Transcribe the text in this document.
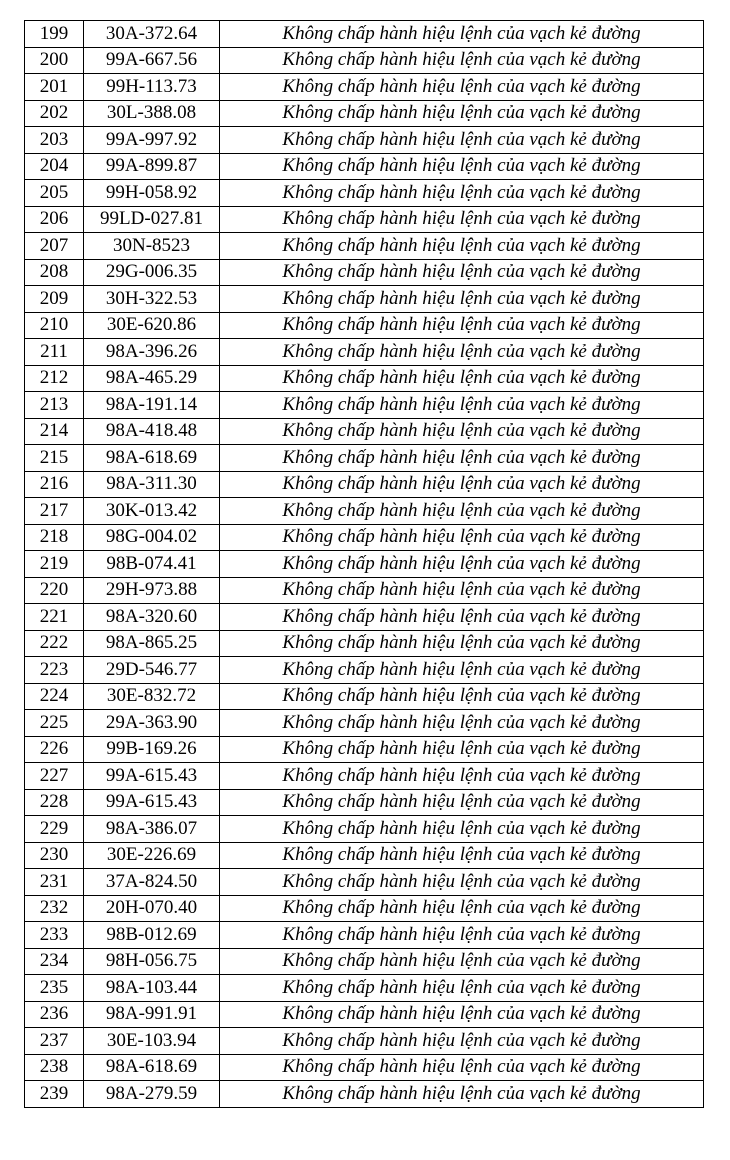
199	30A-372.64	Không chấp hành hiệu lệnh của vạch kẻ đường
200	99A-667.56	Không chấp hành hiệu lệnh của vạch kẻ đường
201	99H-113.73	Không chấp hành hiệu lệnh của vạch kẻ đường
202	30L-388.08	Không chấp hành hiệu lệnh của vạch kẻ đường
203	99A-997.92	Không chấp hành hiệu lệnh của vạch kẻ đường
204	99A-899.87	Không chấp hành hiệu lệnh của vạch kẻ đường
205	99H-058.92	Không chấp hành hiệu lệnh của vạch kẻ đường
206	99LD-027.81	Không chấp hành hiệu lệnh của vạch kẻ đường
207	30N-8523	Không chấp hành hiệu lệnh của vạch kẻ đường
208	29G-006.35	Không chấp hành hiệu lệnh của vạch kẻ đường
209	30H-322.53	Không chấp hành hiệu lệnh của vạch kẻ đường
210	30E-620.86	Không chấp hành hiệu lệnh của vạch kẻ đường
211	98A-396.26	Không chấp hành hiệu lệnh của vạch kẻ đường
212	98A-465.29	Không chấp hành hiệu lệnh của vạch kẻ đường
213	98A-191.14	Không chấp hành hiệu lệnh của vạch kẻ đường
214	98A-418.48	Không chấp hành hiệu lệnh của vạch kẻ đường
215	98A-618.69	Không chấp hành hiệu lệnh của vạch kẻ đường
216	98A-311.30	Không chấp hành hiệu lệnh của vạch kẻ đường
217	30K-013.42	Không chấp hành hiệu lệnh của vạch kẻ đường
218	98G-004.02	Không chấp hành hiệu lệnh của vạch kẻ đường
219	98B-074.41	Không chấp hành hiệu lệnh của vạch kẻ đường
220	29H-973.88	Không chấp hành hiệu lệnh của vạch kẻ đường
221	98A-320.60	Không chấp hành hiệu lệnh của vạch kẻ đường
222	98A-865.25	Không chấp hành hiệu lệnh của vạch kẻ đường
223	29D-546.77	Không chấp hành hiệu lệnh của vạch kẻ đường
224	30E-832.72	Không chấp hành hiệu lệnh của vạch kẻ đường
225	29A-363.90	Không chấp hành hiệu lệnh của vạch kẻ đường
226	99B-169.26	Không chấp hành hiệu lệnh của vạch kẻ đường
227	99A-615.43	Không chấp hành hiệu lệnh của vạch kẻ đường
228	99A-615.43	Không chấp hành hiệu lệnh của vạch kẻ đường
229	98A-386.07	Không chấp hành hiệu lệnh của vạch kẻ đường
230	30E-226.69	Không chấp hành hiệu lệnh của vạch kẻ đường
231	37A-824.50	Không chấp hành hiệu lệnh của vạch kẻ đường
232	20H-070.40	Không chấp hành hiệu lệnh của vạch kẻ đường
233	98B-012.69	Không chấp hành hiệu lệnh của vạch kẻ đường
234	98H-056.75	Không chấp hành hiệu lệnh của vạch kẻ đường
235	98A-103.44	Không chấp hành hiệu lệnh của vạch kẻ đường
236	98A-991.91	Không chấp hành hiệu lệnh của vạch kẻ đường
237	30E-103.94	Không chấp hành hiệu lệnh của vạch kẻ đường
238	98A-618.69	Không chấp hành hiệu lệnh của vạch kẻ đường
239	98A-279.59	Không chấp hành hiệu lệnh của vạch kẻ đường
